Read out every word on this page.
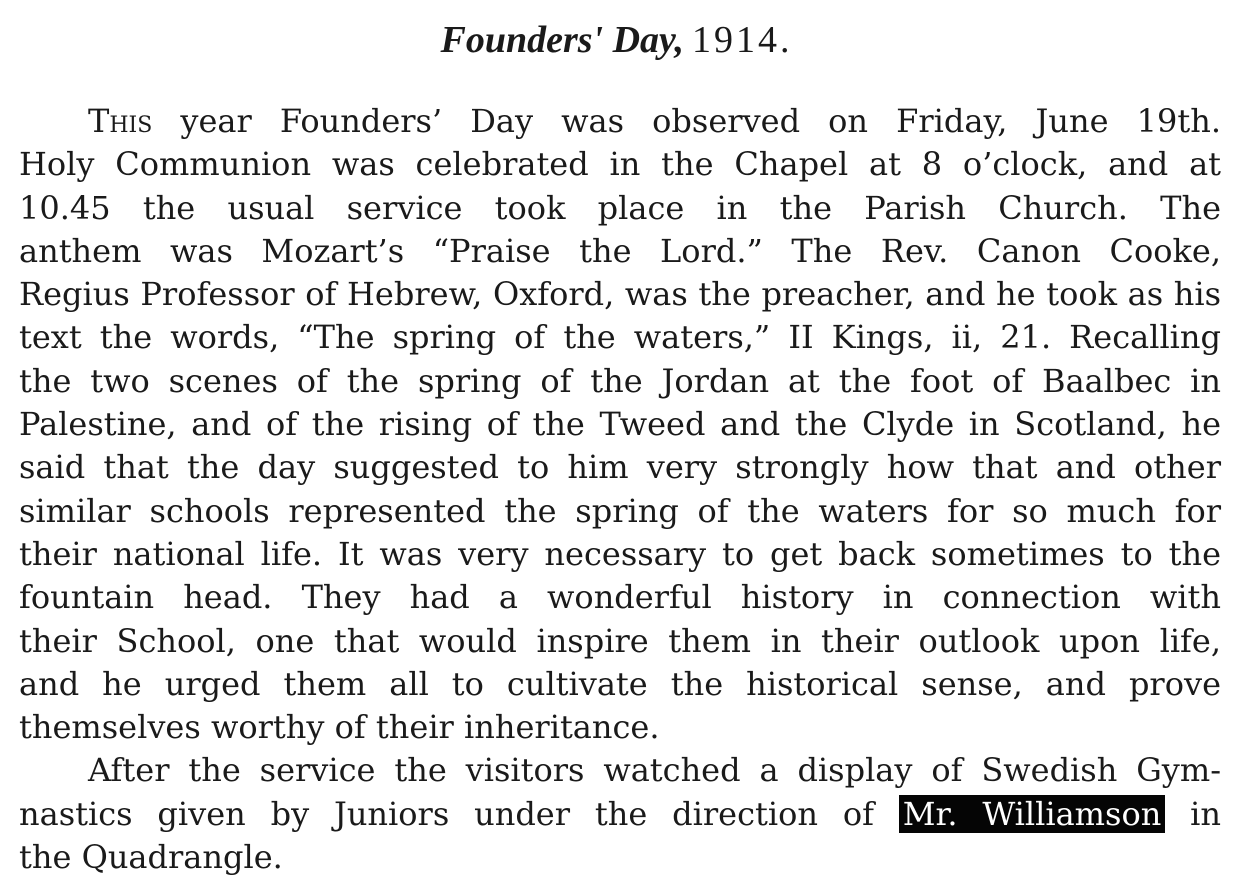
Founders' Day, 1914.
This year Founders’ Day was observed on Friday, June 19th.
Holy Communion was celebrated in the Chapel at 8 o’clock, and at
10.45 the usual service took place in the Parish Church. The
anthem was Mozart’s “Praise the Lord.” The Rev. Canon Cooke,
Regius Professor of Hebrew, Oxford, was the preacher, and he took as his
text the words, “The spring of the waters,” II Kings, ii, 21. Recalling
the two scenes of the spring of the Jordan at the foot of Baalbec in
Palestine, and of the rising of the Tweed and the Clyde in Scotland, he
said that the day suggested to him very strongly how that and other
similar schools represented the spring of the waters for so much for
their national life. It was very necessary to get back sometimes to the
fountain head. They had a wonderful history in connection with
their School, one that would inspire them in their outlook upon life,
and he urged them all to cultivate the historical sense, and prove
themselves worthy of their inheritance.
After the service the visitors watched a display of Swedish Gym-
nastics given by Juniors under the direction of Mr. Williamson in
the Quadrangle.
